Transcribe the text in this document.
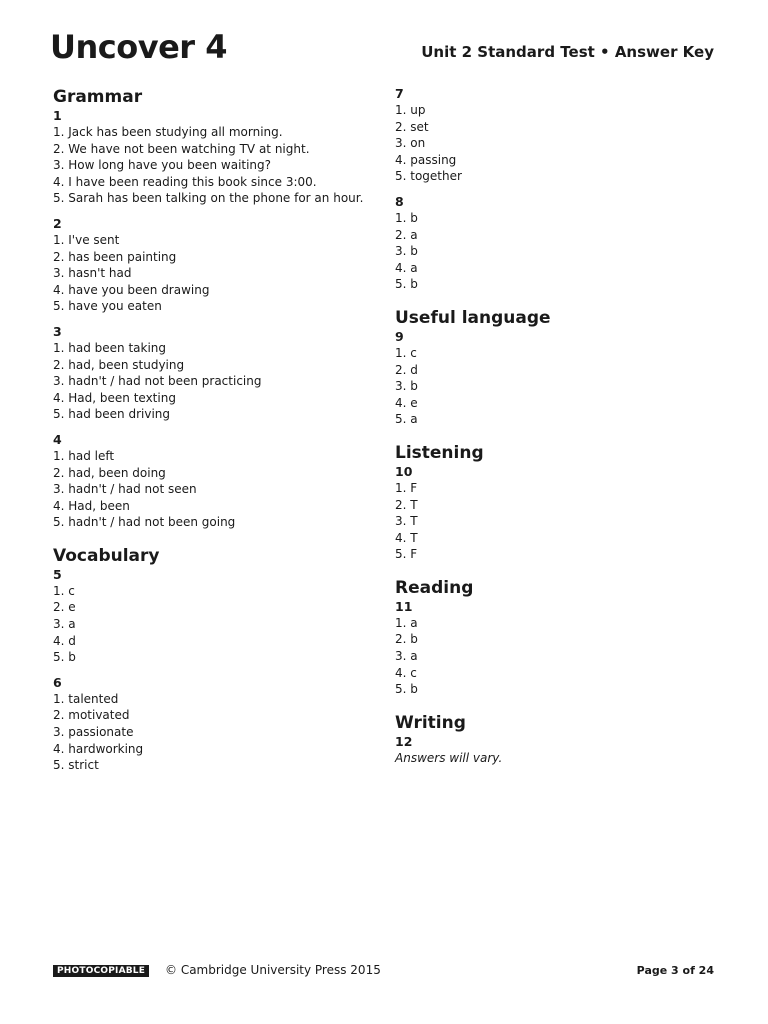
Uncover 4	Unit 2 Standard Test • Answer Key
Grammar
1
1. Jack has been studying all morning.
2. We have not been watching TV at night.
3. How long have you been waiting?
4. I have been reading this book since 3:00.
5. Sarah has been talking on the phone for an hour.
2
1. I've sent
2. has been painting
3. hasn't had
4. have you been drawing
5. have you eaten
3
1. had been taking
2. had, been studying
3. hadn't / had not been practicing
4. Had, been texting
5. had been driving
4
1. had left
2. had, been doing
3. hadn't / had not seen
4. Had, been
5. hadn't / had not been going
Vocabulary
5
1. c
2. e
3. a
4. d
5. b
6
1. talented
2. motivated
3. passionate
4. hardworking
5. strict
7
1. up
2. set
3. on
4. passing
5. together
8
1. b
2. a
3. b
4. a
5. b
Useful language
9
1. c
2. d
3. b
4. e
5. a
Listening
10
1. F
2. T
3. T
4. T
5. F
Reading
11
1. a
2. b
3. a
4. c
5. b
Writing
12
Answers will vary.
PHOTOCOPIABLE	© Cambridge University Press 2015	Page 3 of 24
